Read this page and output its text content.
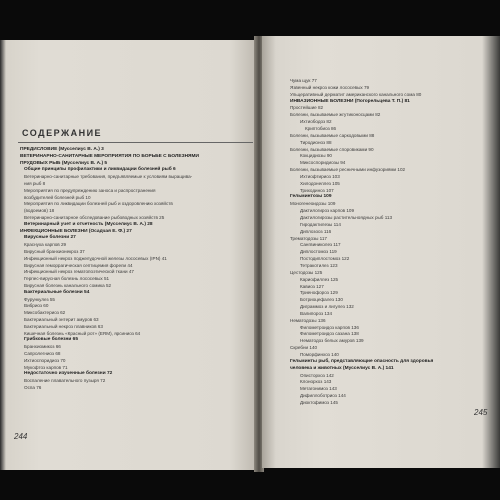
СОДЕРЖАНИЕ
ПРЕДИСЛОВИЕ (Мусселиус В. А.) 3
ВЕТЕРИНАРНО-САНИТАРНЫЕ МЕРОПРИЯТИЯ ПО БОРЬБЕ С БОЛЕЗНЯМИ
ПРУДОВЫХ РЫБ (Мусселиус В. А.) 5
Общие принципы профилактики и ликвидации болезней рыб 6
Ветеринарно-санитарные требования, предъявляемые к условиям выращива-
ния рыб 8
Мероприятия по предупреждению заноса и распространения
возбудителей болезней рыб 10
Мероприятия по ликвидации болезней рыб и оздоровлению хозяйств
(водоемов) 18
Ветеринарно-санитарное обследование рыбоводных хозяйств 25
Ветеринарный учет и отчетность (Мусселиус В. А.) 28
ИНФЕКЦИОННЫЕ БОЛЕЗНИ (Осадчая Е. Ф.) 27
Вирусные болезни 27
Краснуха карпов 29
Вирусный бранхионекроз 37
Инфекционный некроз поджелудочной железы лососевых (IPN) 41
Вирусная геморрагическая септицемия форели 44
Инфекционный некроз гематопоэтической ткани 47
Герпес-вирусная болезнь лососевых 51
Вирусная болезнь канального сомика 52
Бактериальные болезни 54
Фурункулез 55
Вибриоз 60
Миксобактериоз 62
Бактериальный энтерит амуров 63
Бактериальный некроз плавников 63
Кишечная болезнь «Красный рот» (ERM), ярсиниоз 64
Грибковые болезни 65
Бранхиомикоз 66
Сапролегниоз 68
Ихтиоспоридиоз 70
Мукофтоз карпов 71
Недостаточно изученные болезни 72
Воспаление плавательного пузыря 72
Оспа 76
244
Чума щук 77
Язвенный некроз кожи лососевых 79
Ульцеративный дерматит американского канального сома 80
ИНВАЗИОННЫЕ БОЛЕЗНИ (Погорельцева Т. П.) 81
Простейшие 82
Болезни, вызываемые жгутиконосцами 82
Ихтиободоз 82
Криптобиоз 86
Болезни, вызываемые саркодовыми 88
Тиродионоз 88
Болезни, вызываемые споровиками 90
Кокцидиозы 90
Миксоспоридиозы 94
Болезни, вызываемые ресничными инфузориями 102
Ихтиофтириоз 103
Хилодонеллез 105
Триходиноз 107
Гельминтозы 109
Моногенеоидозы 109
Дактилогироз карпов 109
Дактилогирозы растительноядных рыб 113
Гиродактилезы 114
Диплозооз 116
Трематодозы 117
Сангвиниколез 117
Диплостомоз 119
Постодиплостомоз 122
Тетракотилез 123
Цестодозы 125
Кариофиллез 125
Кавиоз 127
Триенофороз 129
Ботриоцефалез 130
Диграммоз и лигулез 132
Валипороз 134
Нематодозы 136
Филометроидоз карпов 136
Филометроидоз сазана 138
Нематодоз белых амуров 139
Скребни 140
Поморфинхоз 140
Гельминты рыб, представляющие опасность для здоровья
человека и животных (Мусселиус В. А.) 141
Описторхоз 142
Клонорхоз 143
Метагонимоз 143
Дифиллоботриоз 144
Диоктофимоз 145
245
